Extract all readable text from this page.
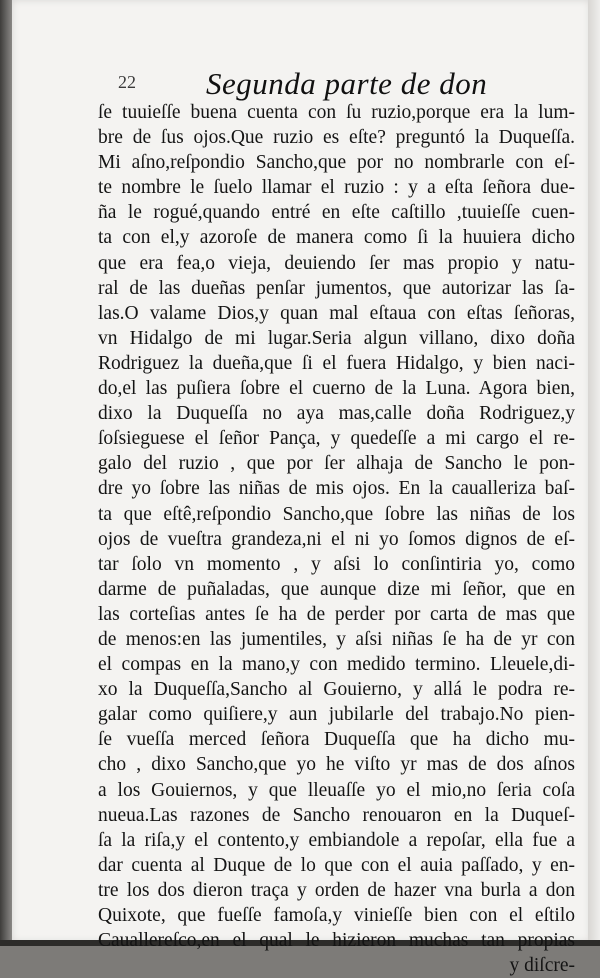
22 Segunda parte de don
ſe tuuieſſe buena cuenta con ſu ruzio,porque era la lum-
bre de ſus ojos.Que ruzio es eſte? preguntó la Duqueſſa.
Mi aſno,reſpondio Sancho,que por no nombrarle con eſ-
te nombre le ſuelo llamar el ruzio : y a eſta ſeñora due-
ña le rogué,quando entré en eſte caſtillo ,tuuieſſe cuen-
ta con el,y azoroſe de manera como ſi la huuiera dicho
que era fea,o vieja, deuiendo ſer mas propio y natu-
ral de las dueñas penſar jumentos, que autorizar las ſa-
las.O valame Dios,y quan mal eſtaua con eſtas ſeñoras,
vn Hidalgo de mi lugar.Seria algun villano, dixo doña
Rodriguez la dueña,que ſi el fuera Hidalgo, y bien naci-
do,el las puſiera ſobre el cuerno de la Luna. Agora bien,
dixo la Duqueſſa no aya mas,calle doña Rodriguez,y
ſoſsieguese el ſeñor Pança, y quedeſſe a mi cargo el re-
galo del ruzio , que por ſer alhaja de Sancho le pon-
dre yo ſobre las niñas de mis ojos. En la caualleriza baſ-
ta que eſtê,reſpondio Sancho,que ſobre las niñas de los
ojos de vueſtra grandeza,ni el ni yo ſomos dignos de eſ-
tar ſolo vn momento , y aſsi lo conſintiria yo, como
darme de puñaladas, que aunque dize mi ſeñor, que en
las corteſias antes ſe ha de perder por carta de mas que
de menos:en las jumentiles, y aſsi niñas ſe ha de yr con
el compas en la mano,y con medido termino. Lleuele,di-
xo la Duqueſſa,Sancho al Gouierno, y allá le podra re-
galar como quiſiere,y aun jubilarle del trabajo.No pien-
ſe vueſſa merced ſeñora Duqueſſa que ha dicho mu-
cho , dixo Sancho,que yo he viſto yr mas de dos aſnos
a los Gouiernos, y que lleuaſſe yo el mio,no ſeria coſa
nueua.Las razones de Sancho renouaron en la Duqueſ-
ſa la riſa,y el contento,y embiandole a repoſar, ella fue a
dar cuenta al Duque de lo que con el auia paſſado, y en-
tre los dos dieron traça y orden de hazer vna burla a don
Quixote, que fueſſe famoſa,y vinieſſe bien con el eſtilo
Cauallereſco,en el qual le hizieron muchas tan propias
y diſcre-
